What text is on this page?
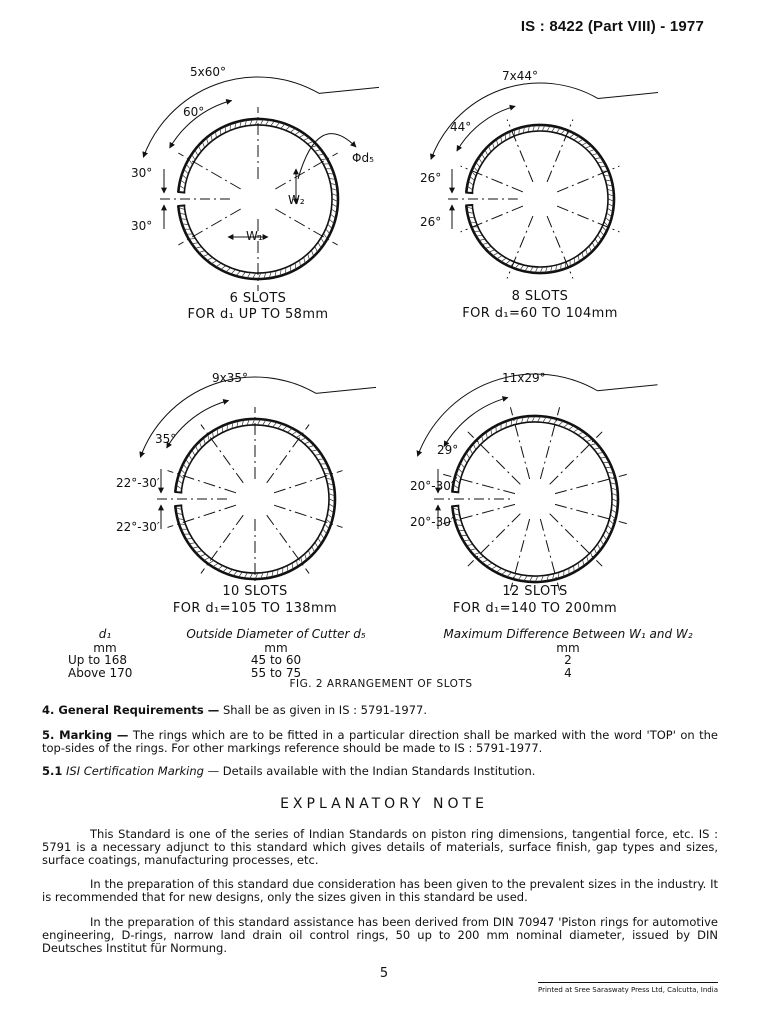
IS : 8422 (Part VIII) - 1977
5x60°
60°
30°
30°
Φd₅
W₂
W₁
6 SLOTS
FOR d₁ UP TO 58mm
7x44°
44°
26°
26°
8 SLOTS
FOR d₁=60 TO 104mm
9x35°
35°
22°-30′
22°-30′
10 SLOTS
FOR d₁=105 TO 138mm
11x29°
29°
20°-30′
20°-30′
12 SLOTS
FOR d₁=140 TO 200mm
d₁	Outside Diameter of Cutter d₅	Maximum Difference Between W₁ and W₂
mm	mm	mm
Up to 168	45 to 60	2
Above 170	55 to 75	4
FIG. 2 ARRANGEMENT OF SLOTS
4. General Requirements — Shall be as given in IS : 5791-1977.
5. Marking — The rings which are to be fitted in a particular direction shall be marked with the word 'TOP' on the top-sides of the rings. For other markings reference should be made to IS : 5791-1977.
5.1 ISI Certification Marking — Details available with the Indian Standards Institution.
EXPLANATORY NOTE
This Standard is one of the series of Indian Standards on piston ring dimensions, tangential force, etc. IS : 5791 is a necessary adjunct to this standard which gives details of materials, surface finish, gap types and sizes, surface coatings, manufacturing processes, etc.
In the preparation of this standard due consideration has been given to the prevalent sizes in the industry. It is recommended that for new designs, only the sizes given in this standard be used.
In the preparation of this standard assistance has been derived from DIN 70947 'Piston rings for automotive engineering, D-rings, narrow land drain oil control rings, 50 up to 200 mm nominal diameter, issued by DIN Deutsches Institut für Normung.
5
Printed at Sree Saraswaty Press Ltd, Calcutta, India
